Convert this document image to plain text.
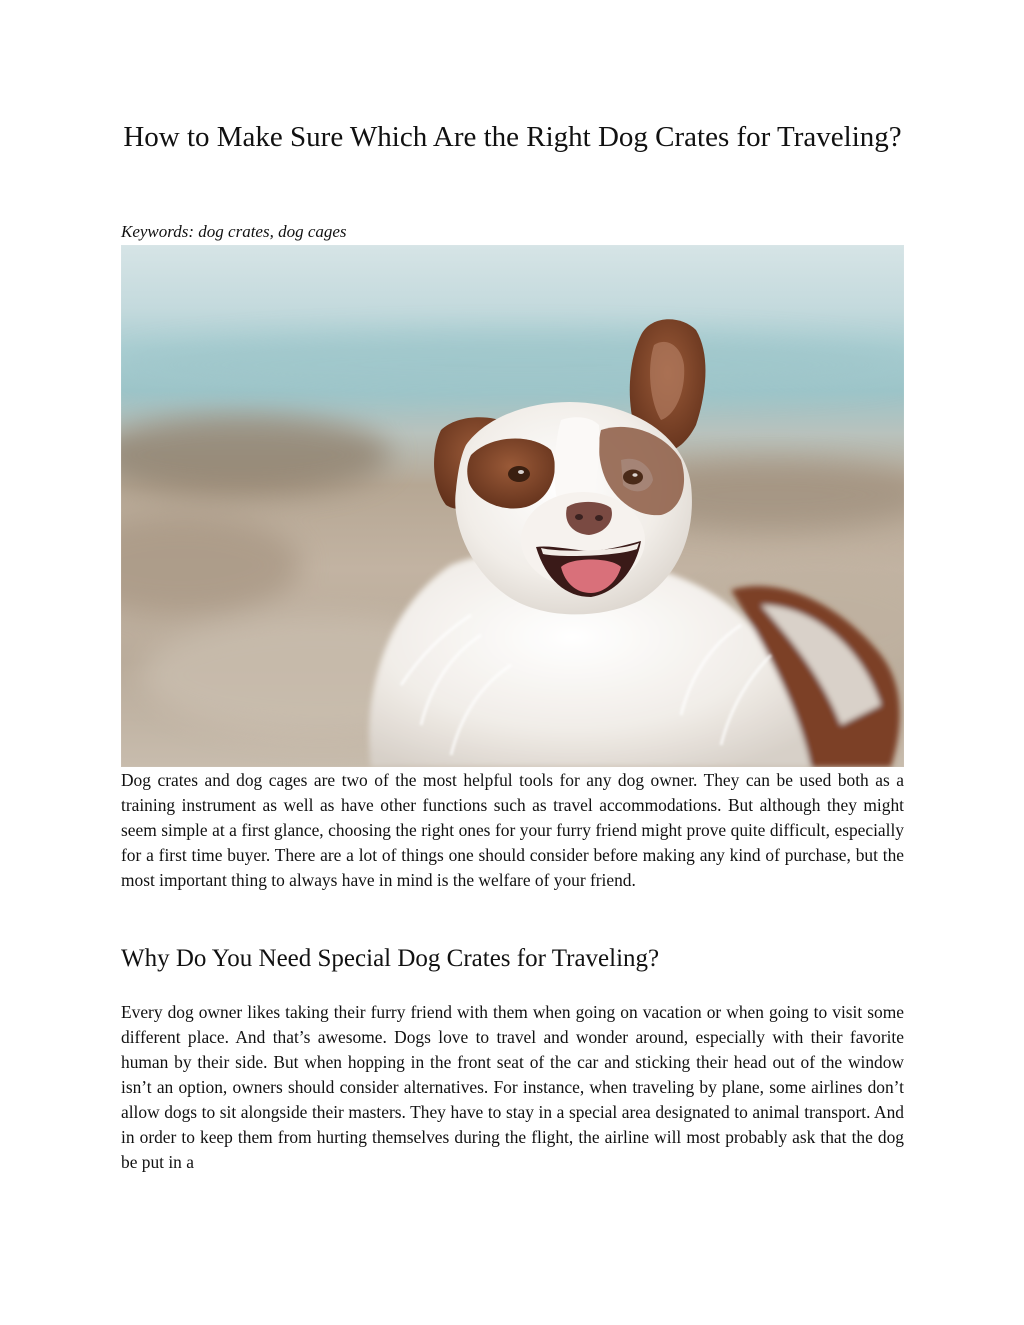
How to Make Sure Which Are the Right Dog Crates for Traveling?

Keywords: dog crates, dog cages

Dog crates and dog cages are two of the most helpful tools for any dog owner. They can be used both as a training instrument as well as have other functions such as travel accommodations. But although they might seem simple at a first glance, choosing the right ones for your furry friend might prove quite difficult, especially for a first time buyer. There are a lot of things one should consider before making any kind of purchase, but the most important thing to always have in mind is the welfare of your friend.

Why Do You Need Special Dog Crates for Traveling?

Every dog owner likes taking their furry friend with them when going on vacation or when going to visit some different place. And that’s awesome. Dogs love to travel and wonder around, especially with their favorite human by their side. But when hopping in the front seat of the car and sticking their head out of the window isn’t an option, owners should consider alternatives. For instance, when traveling by plane, some airlines don’t allow dogs to sit alongside their masters. They have to stay in a special area designated to animal transport. And in order to keep them from hurting themselves during the flight, the airline will most probably ask that the dog be put in a
